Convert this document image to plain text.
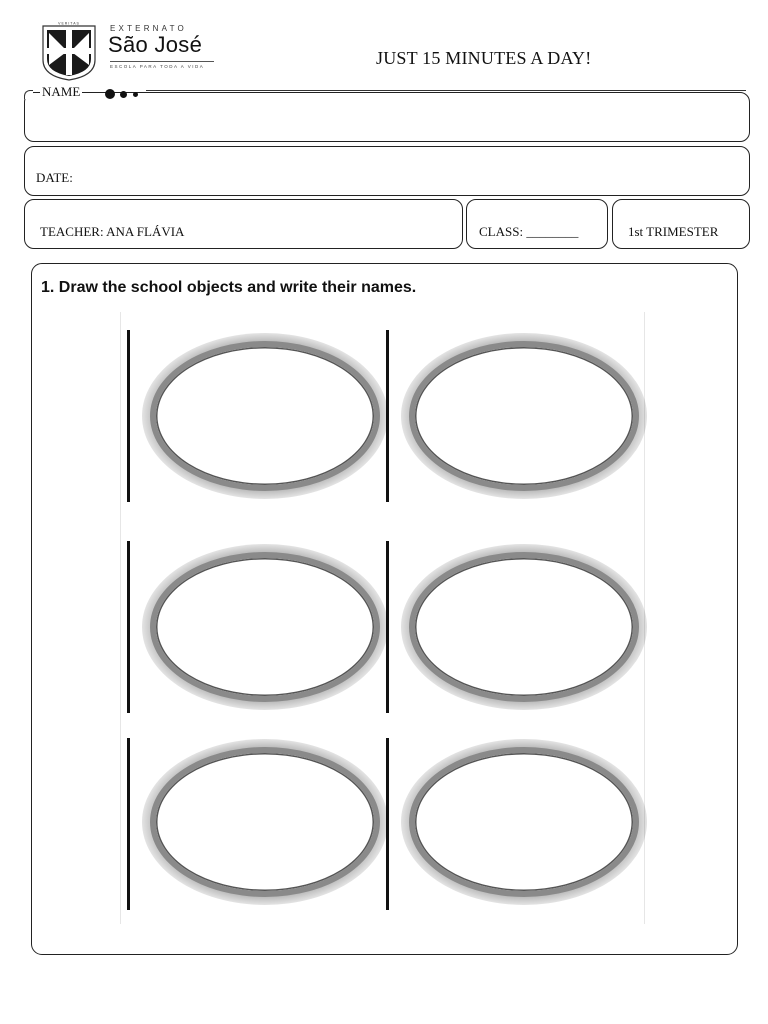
VERITAS
EXTERNATO
São José
ESCOLA PARA TODA A VIDA	JUST 15 MINUTES A DAY!
NAME
DATE:
TEACHER: ANA FLÁVIA	CLASS: ________	1st TRIMESTER
1. Draw the school objects and write their names.
